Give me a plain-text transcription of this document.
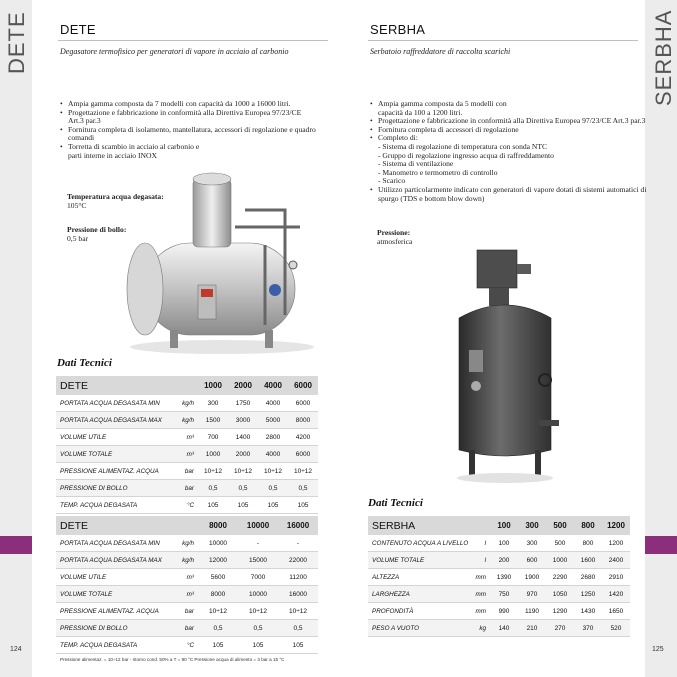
DETE
124
SERBHA
125
DETE
Degasatore termofisico per generatori di vapore in acciaio al carbonio
• Ampia gamma composta da 7 modelli con capacità da 1000 a 16000 litri.
• Progettazione e fabbricazione in conformità alla Direttiva Europea 97/23/CE Art.3 par.3
• Fornitura completa di isolamento, mantellatura, accessori di regolazione e quadro comandi
• Torretta di scambio in acciaio al carbonio e parti interne in acciaio INOX
Temperatura acqua degasata:
105°C
Pressione di bollo:
0,5 bar
Dati Tecnici
DETE		1000	2000	4000	6000
PORTATA ACQUA DEGASATA MIN	kg/h	300	1750	4000	6000
PORTATA ACQUA DEGASATA MAX	kg/h	1500	3000	5000	8000
VOLUME UTILE	m³	700	1400	2800	4200
VOLUME TOTALE	m³	1000	2000	4000	6000
PRESSIONE ALIMENTAZ. ACQUA	bar	10÷12	10÷12	10÷12	10÷12
PRESSIONE DI BOLLO	bar	0,5	0,5	0,5	0,5
TEMP. ACQUA DEGASATA	°C	105	105	105	105
DETE		8000	10000	16000
PORTATA ACQUA DEGASATA MIN	kg/h	10000	-	-
PORTATA ACQUA DEGASATA MAX	kg/h	12000	15000	22000
VOLUME UTILE	m³	5600	7000	11200
VOLUME TOTALE	m³	8000	10000	16000
PRESSIONE ALIMENTAZ. ACQUA	bar	10÷12	10÷12	10÷12
PRESSIONE DI BOLLO	bar	0,5	0,5	0,5
TEMP. ACQUA DEGASATA	°C	105	105	105
Pressione alimentaz. = 10÷12 bar - ritorno cond. 50% a T = 90 °C Pressione acqua di alimento = 3 bar a 15 °C
SERBHA
Serbatoio raffreddatore di raccolta scarichi
• Ampia gamma composta da 5 modelli con capacità da 100 a 1200 litri.
• Progettazione e fabbricazione in conformità alla Direttiva Europea 97/23/CE Art.3 par.3
• Fornitura completa di accessori di regolazione
• Completo di:
- Sistema di regolazione di temperatura con sonda NTC
- Gruppo di regolazione ingresso acqua di raffreddamento
- Sistema di ventilazione
- Manometro e termometro di controllo
- Scarico
• Utilizzo particolarmente indicato con generatori di vapore dotati di sistemi automatici di spurgo (TDS e bottom blow down)
Pressione:
atmosferica
Dati Tecnici
SERBHA		100	300	500	800	1200
CONTENUTO ACQUA A LIVELLO	l	100	300	500	800	1200
VOLUME TOTALE	l	200	600	1000	1600	2400
ALTEZZA	mm	1390	1900	2290	2680	2910
LARGHEZZA	mm	750	970	1050	1250	1420
PROFONDITÀ	mm	990	1190	1290	1430	1650
PESO A VUOTO	kg	140	210	270	370	520
